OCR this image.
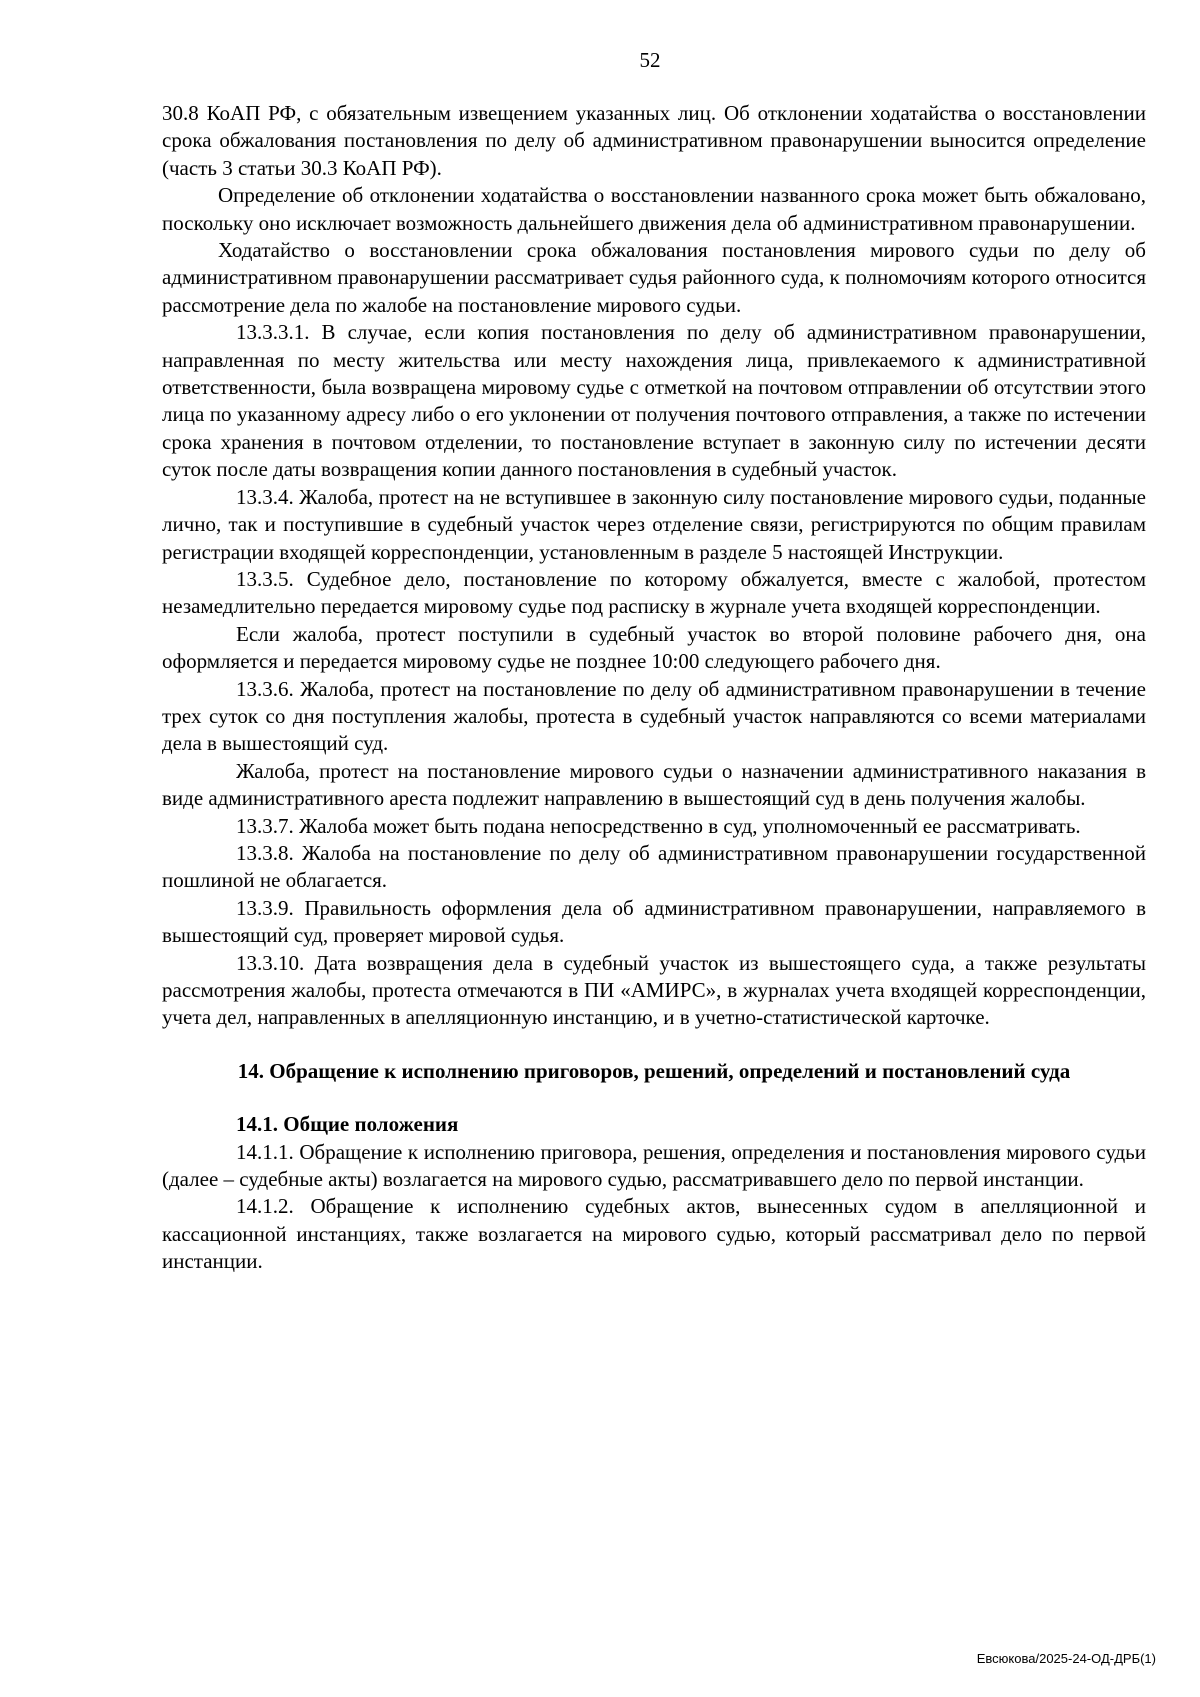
52

30.8 КоАП РФ, с обязательным извещением указанных лиц. Об отклонении ходатайства о восстановлении срока обжалования постановления по делу об административном правонарушении выносится определение (часть 3 статьи 30.3 КоАП РФ).

Определение об отклонении ходатайства о восстановлении названного срока может быть обжаловано, поскольку оно исключает возможность дальнейшего движения дела об административном правонарушении.

Ходатайство о восстановлении срока обжалования постановления мирового судьи по делу об административном правонарушении рассматривает судья районного суда, к полномочиям которого относится рассмотрение дела по жалобе на постановление мирового судьи.

13.3.3.1. В случае, если копия постановления по делу об административном правонарушении, направленная по месту жительства или месту нахождения лица, привлекаемого к административной ответственности, была возвращена мировому судье с отметкой на почтовом отправлении об отсутствии этого лица по указанному адресу либо о его уклонении от получения почтового отправления, а также по истечении срока хранения в почтовом отделении, то постановление вступает в законную силу по истечении десяти суток после даты возвращения копии данного постановления в судебный участок.

13.3.4. Жалоба, протест на не вступившее в законную силу постановление мирового судьи, поданные лично, так и поступившие в судебный участок через отделение связи, регистрируются по общим правилам регистрации входящей корреспонденции, установленным в разделе 5 настоящей Инструкции.

13.3.5. Судебное дело, постановление по которому обжалуется, вместе с жалобой, протестом незамедлительно передается мировому судье под расписку в журнале учета входящей корреспонденции.

Если жалоба, протест поступили в судебный участок во второй половине рабочего дня, она оформляется и передается мировому судье не позднее 10:00 следующего рабочего дня.

13.3.6. Жалоба, протест на постановление по делу об административном правонарушении в течение трех суток со дня поступления жалобы, протеста в судебный участок направляются со всеми материалами дела в вышестоящий суд.

Жалоба, протест на постановление мирового судьи о назначении административного наказания в виде административного ареста подлежит направлению в вышестоящий суд в день получения жалобы.

13.3.7. Жалоба может быть подана непосредственно в суд, уполномоченный ее рассматривать.

13.3.8. Жалоба на постановление по делу об административном правонарушении государственной пошлиной не облагается.

13.3.9. Правильность оформления дела об административном правонарушении, направляемого в вышестоящий суд, проверяет мировой судья.

13.3.10. Дата возвращения дела в судебный участок из вышестоящего суда, а также результаты рассмотрения жалобы, протеста отмечаются в ПИ «АМИРС», в журналах учета входящей корреспонденции, учета дел, направленных в апелляционную инстанцию, и в учетно-статистической карточке.

14. Обращение к исполнению приговоров, решений, определений и постановлений суда
14.1. Общие положения

14.1.1. Обращение к исполнению приговора, решения, определения и постановления мирового судьи (далее – судебные акты) возлагается на мирового судью, рассматривавшего дело по первой инстанции.

14.1.2. Обращение к исполнению судебных актов, вынесенных судом в апелляционной и кассационной инстанциях, также возлагается на мирового судью, который рассматривал дело по первой инстанции.

Евсюкова/2025-24-ОД-ДРБ(1)
